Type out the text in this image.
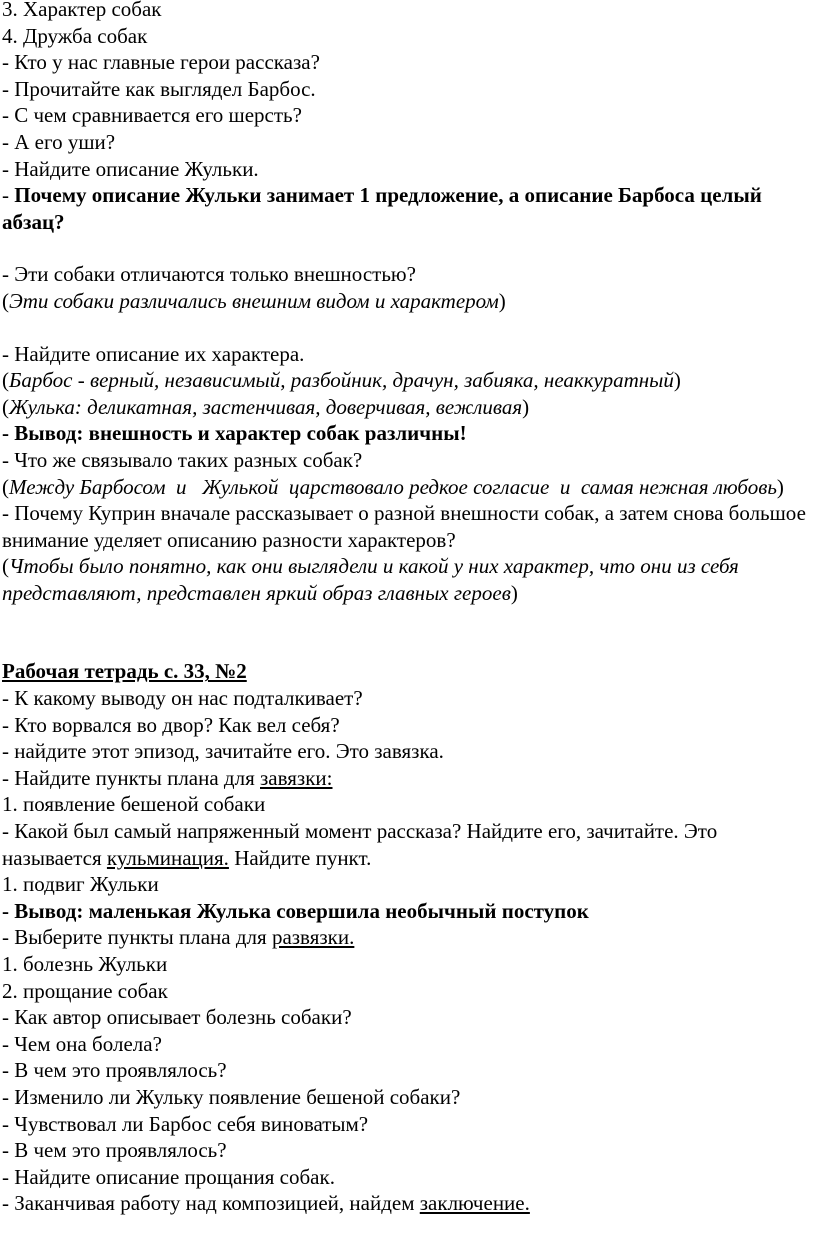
3. Характер собак
4. Дружба собак
- Кто у нас главные герои рассказа?
- Прочитайте как выглядел Барбос.
- С чем сравнивается его шерсть?
- А его уши?
- Найдите описание Жульки.
- Почему описание Жульки занимает 1 предложение, а описание Барбоса целый абзац?
- Эти собаки отличаются только внешностью?
(Эти собаки различались внешним видом и характером)
- Найдите описание их характера.
(Барбос - верный, независимый, разбойник, драчун, забияка, неаккуратный)
(Жулька: деликатная, застенчивая, доверчивая, вежливая)
- Вывод: внешность и характер собак различны!
- Что же связывало таких разных собак?
(Между Барбосом  и   Жулькой  царствовало редкое согласие  и  самая нежная любовь)
- Почему Куприн вначале рассказывает о разной внешности собак, а затем снова большое внимание уделяет описанию разности характеров?
(Чтобы было понятно, как они выглядели и какой у них характер, что они из себя представляют, представлен яркий образ главных героев)
Рабочая тетрадь с. 33, №2
- К какому выводу он нас подталкивает?
- Кто ворвался во двор? Как вел себя?
- найдите этот эпизод, зачитайте его. Это завязка.
- Найдите пункты плана для завязки:
1. появление бешеной собаки
- Какой был самый напряженный момент рассказа? Найдите его, зачитайте. Это называется кульминация. Найдите пункт.
1. подвиг Жульки
- Вывод: маленькая Жулька совершила необычный поступок
- Выберите пункты плана для развязки.
1. болезнь Жульки
2. прощание собак
- Как автор описывает болезнь собаки?
- Чем она болела?
- В чем это проявлялось?
- Изменило ли Жульку появление бешеной собаки?
- Чувствовал ли Барбос себя виноватым?
- В чем это проявлялось?
- Найдите описание прощания собак.
- Заканчивая работу над композицией, найдем заключение.
